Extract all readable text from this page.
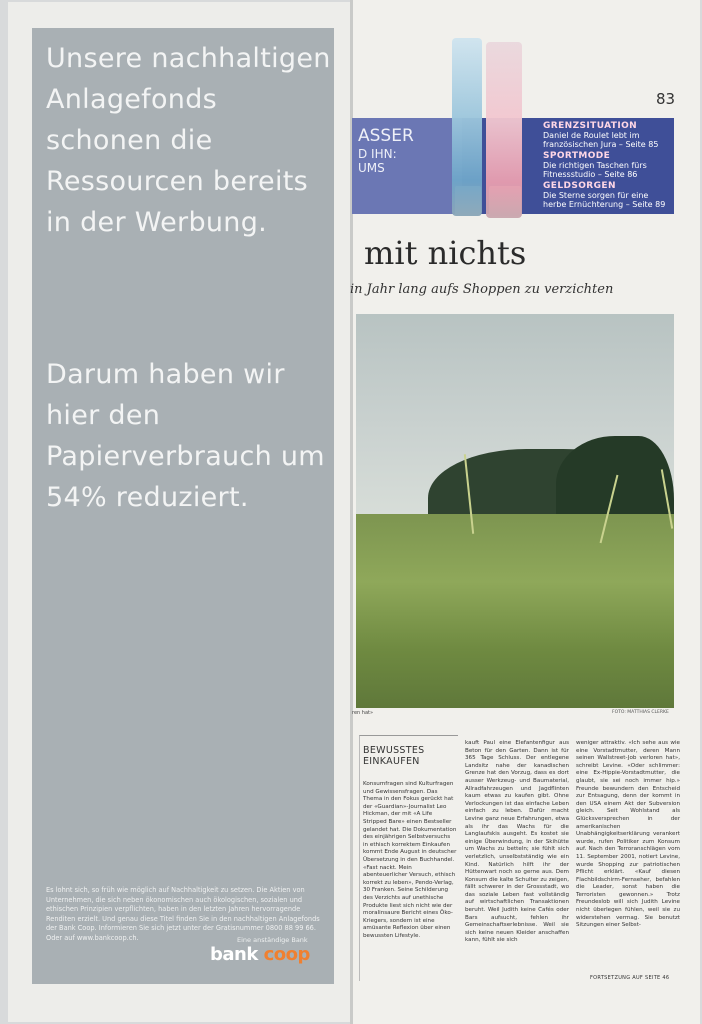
Unsere nachhaltigen Anlagefonds schonen die Ressourcen bereits in der Werbung.

Darum haben wir hier den Papierverbrauch um 54% reduziert.

Es lohnt sich, so früh wie möglich auf Nachhaltigkeit zu setzen. Die Aktien von Unternehmen, die sich neben ökonomischen auch ökologischen, sozialen und ethischen Prinzipien verpflichten, haben in den letzten Jahren hervorragende Renditen erzielt. Und genau diese Titel finden Sie in den nachhaltigen Anlagefonds der Bank Coop. Informieren Sie sich jetzt unter der Gratisnummer 0800 88 99 66. Oder auf www.bankcoop.ch.	Eine anständige Bank
bank coop
83
ASSER
D IHN:
UMS
GRENZSITUATION
Daniel de Roulet lebt im französischen Jura – Seite 85
SPORTMODE
Die richtigen Taschen fürs Fitnessstudio – Seite 86
GELDSORGEN
Die Sterne sorgen für eine herbe Ernüchterung – Seite 89
mit nichts
in Jahr lang aufs Shoppen zu verzichten
ren hat»	FOTO: MATTHIAS CLERKE
BEWUSSTES EINKAUFEN
Konsumfragen sind Kulturfragen und Gewissensfragen. Das Thema in den Fokus gerückt hat der «Guardian»-Journalist Leo Hickman, der mit «A Life Stripped Bare» einen Bestseller gelandet hat. Die Dokumentation des einjährigen Selbstversuchs in ethisch korrektem Einkaufen kommt Ende August in deutscher Übersetzung in den Buchhandel. «Fast nackt. Mein abenteuerlicher Versuch, ethisch korrekt zu leben», Pendo-Verlag, 30 Franken. Seine Schilderung des Verzichts auf unethische Produkte liest sich nicht wie der moralinsaure Bericht eines Öko-Kriegers, sondern ist eine amüsante Reflexion über einen bewussten Lifestyle.
kauft Paul eine Elefantenfigur aus Beton für den Garten. Dann ist für 365 Tage Schluss. Der entlegene Landsitz nahe der kanadischen Grenze hat den Vorzug, dass es dort ausser Werkzeug- und Baumaterial, Allradfahrzeugen und Jagdflinten kaum etwas zu kaufen gibt. Ohne Verlockungen ist das einfache Leben einfach zu leben. Dafür macht Levine ganz neue Erfahrungen, etwa als ihr das Wachs für die Langlaufskis ausgeht. Es kostet sie einige Überwindung, in der Skihütte um Wachs zu betteln; sie fühlt sich verletzlich, unselbstständig wie ein Kind. Natürlich hilft ihr der Hüttenwart noch so gerne aus. Dem Konsum die kalte Schulter zu zeigen, fällt schwerer in der Grossstadt, wo das soziale Leben fast vollständig auf wirtschaftlichen Transaktionen beruht. Weil Judith keine Cafés oder Bars aufsucht, fehlen ihr Gemeinschaftserlebnisse. Weil sie sich keine neuen Kleider anschaffen kann, fühlt sie sich
weniger attraktiv. «Ich sehe aus wie eine Vorstadtmutter, deren Mann seinen Wallstreet-Job verloren hat», schreibt Levine. «Oder schlimmer: eine Ex-Hippie-Vorstadtmutter, die glaubt, sie sei noch immer hip.» Freunde bewundern den Entscheid zur Entsagung, denn der kommt in den USA einem Akt der Subversion gleich. Seit Wohlstand als Glücksversprechen in der amerikanischen Unabhängigkeitserklärung verankert wurde, rufen Politiker zum Konsum auf. Nach den Terroranschlägen vom 11. September 2001, notiert Levine, wurde Shopping zur patriotischen Pflicht erklärt. «Kauf diesen Flachbildschirm-Fernseher, befahlen die Leader, sonst haben die Terroristen gewonnen.» Trotz Freundeslob will sich Judith Levine nicht überlegen fühlen, weil sie zu widerstehen vermag. Sie benutzt Sitzungen einer Selbst-
FORTSETZUNG AUF SEITE 46
